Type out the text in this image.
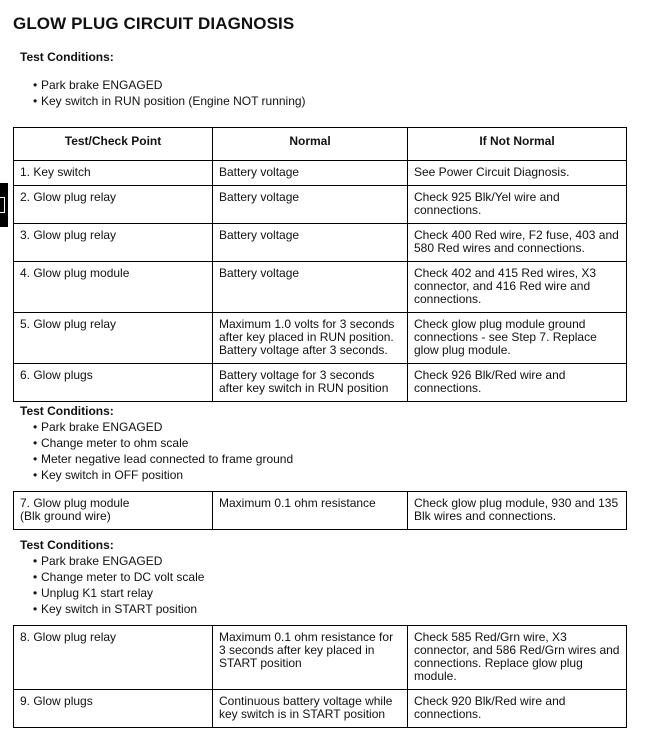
GLOW PLUG CIRCUIT DIAGNOSIS
Test Conditions:
• Park brake ENGAGED
• Key switch in RUN position (Engine NOT running)
Test/Check Point	Normal	If Not Normal
1. Key switch	Battery voltage	See Power Circuit Diagnosis.
2. Glow plug relay	Battery voltage	Check 925 Blk/Yel wire and connections.
3. Glow plug relay	Battery voltage	Check 400 Red wire, F2 fuse, 403 and 580 Red wires and connections.
4. Glow plug module	Battery voltage	Check 402 and 415 Red wires, X3 connector, and 416 Red wire and connections.
5. Glow plug relay	Maximum 1.0 volts for 3 seconds after key placed in RUN position. Battery voltage after 3 seconds.	Check glow plug module ground connections - see Step 7. Replace glow plug module.
6. Glow plugs	Battery voltage for 3 seconds after key switch in RUN position	Check 926 Blk/Red wire and connections.
Test Conditions:
• Park brake ENGAGED
• Change meter to ohm scale
• Meter negative lead connected to frame ground
• Key switch in OFF position
7. Glow plug module
(Blk ground wire)	Maximum 0.1 ohm resistance	Check glow plug module, 930 and 135 Blk wires and connections.
Test Conditions:
• Park brake ENGAGED
• Change meter to DC volt scale
• Unplug K1 start relay
• Key switch in START position
8. Glow plug relay	Maximum 0.1 ohm resistance for 3 seconds after key placed in START position	Check 585 Red/Grn wire, X3 connector, and 586 Red/Grn wires and connections. Replace glow plug module.
9. Glow plugs	Continuous battery voltage while key switch is in START position	Check 920 Blk/Red wire and connections.
